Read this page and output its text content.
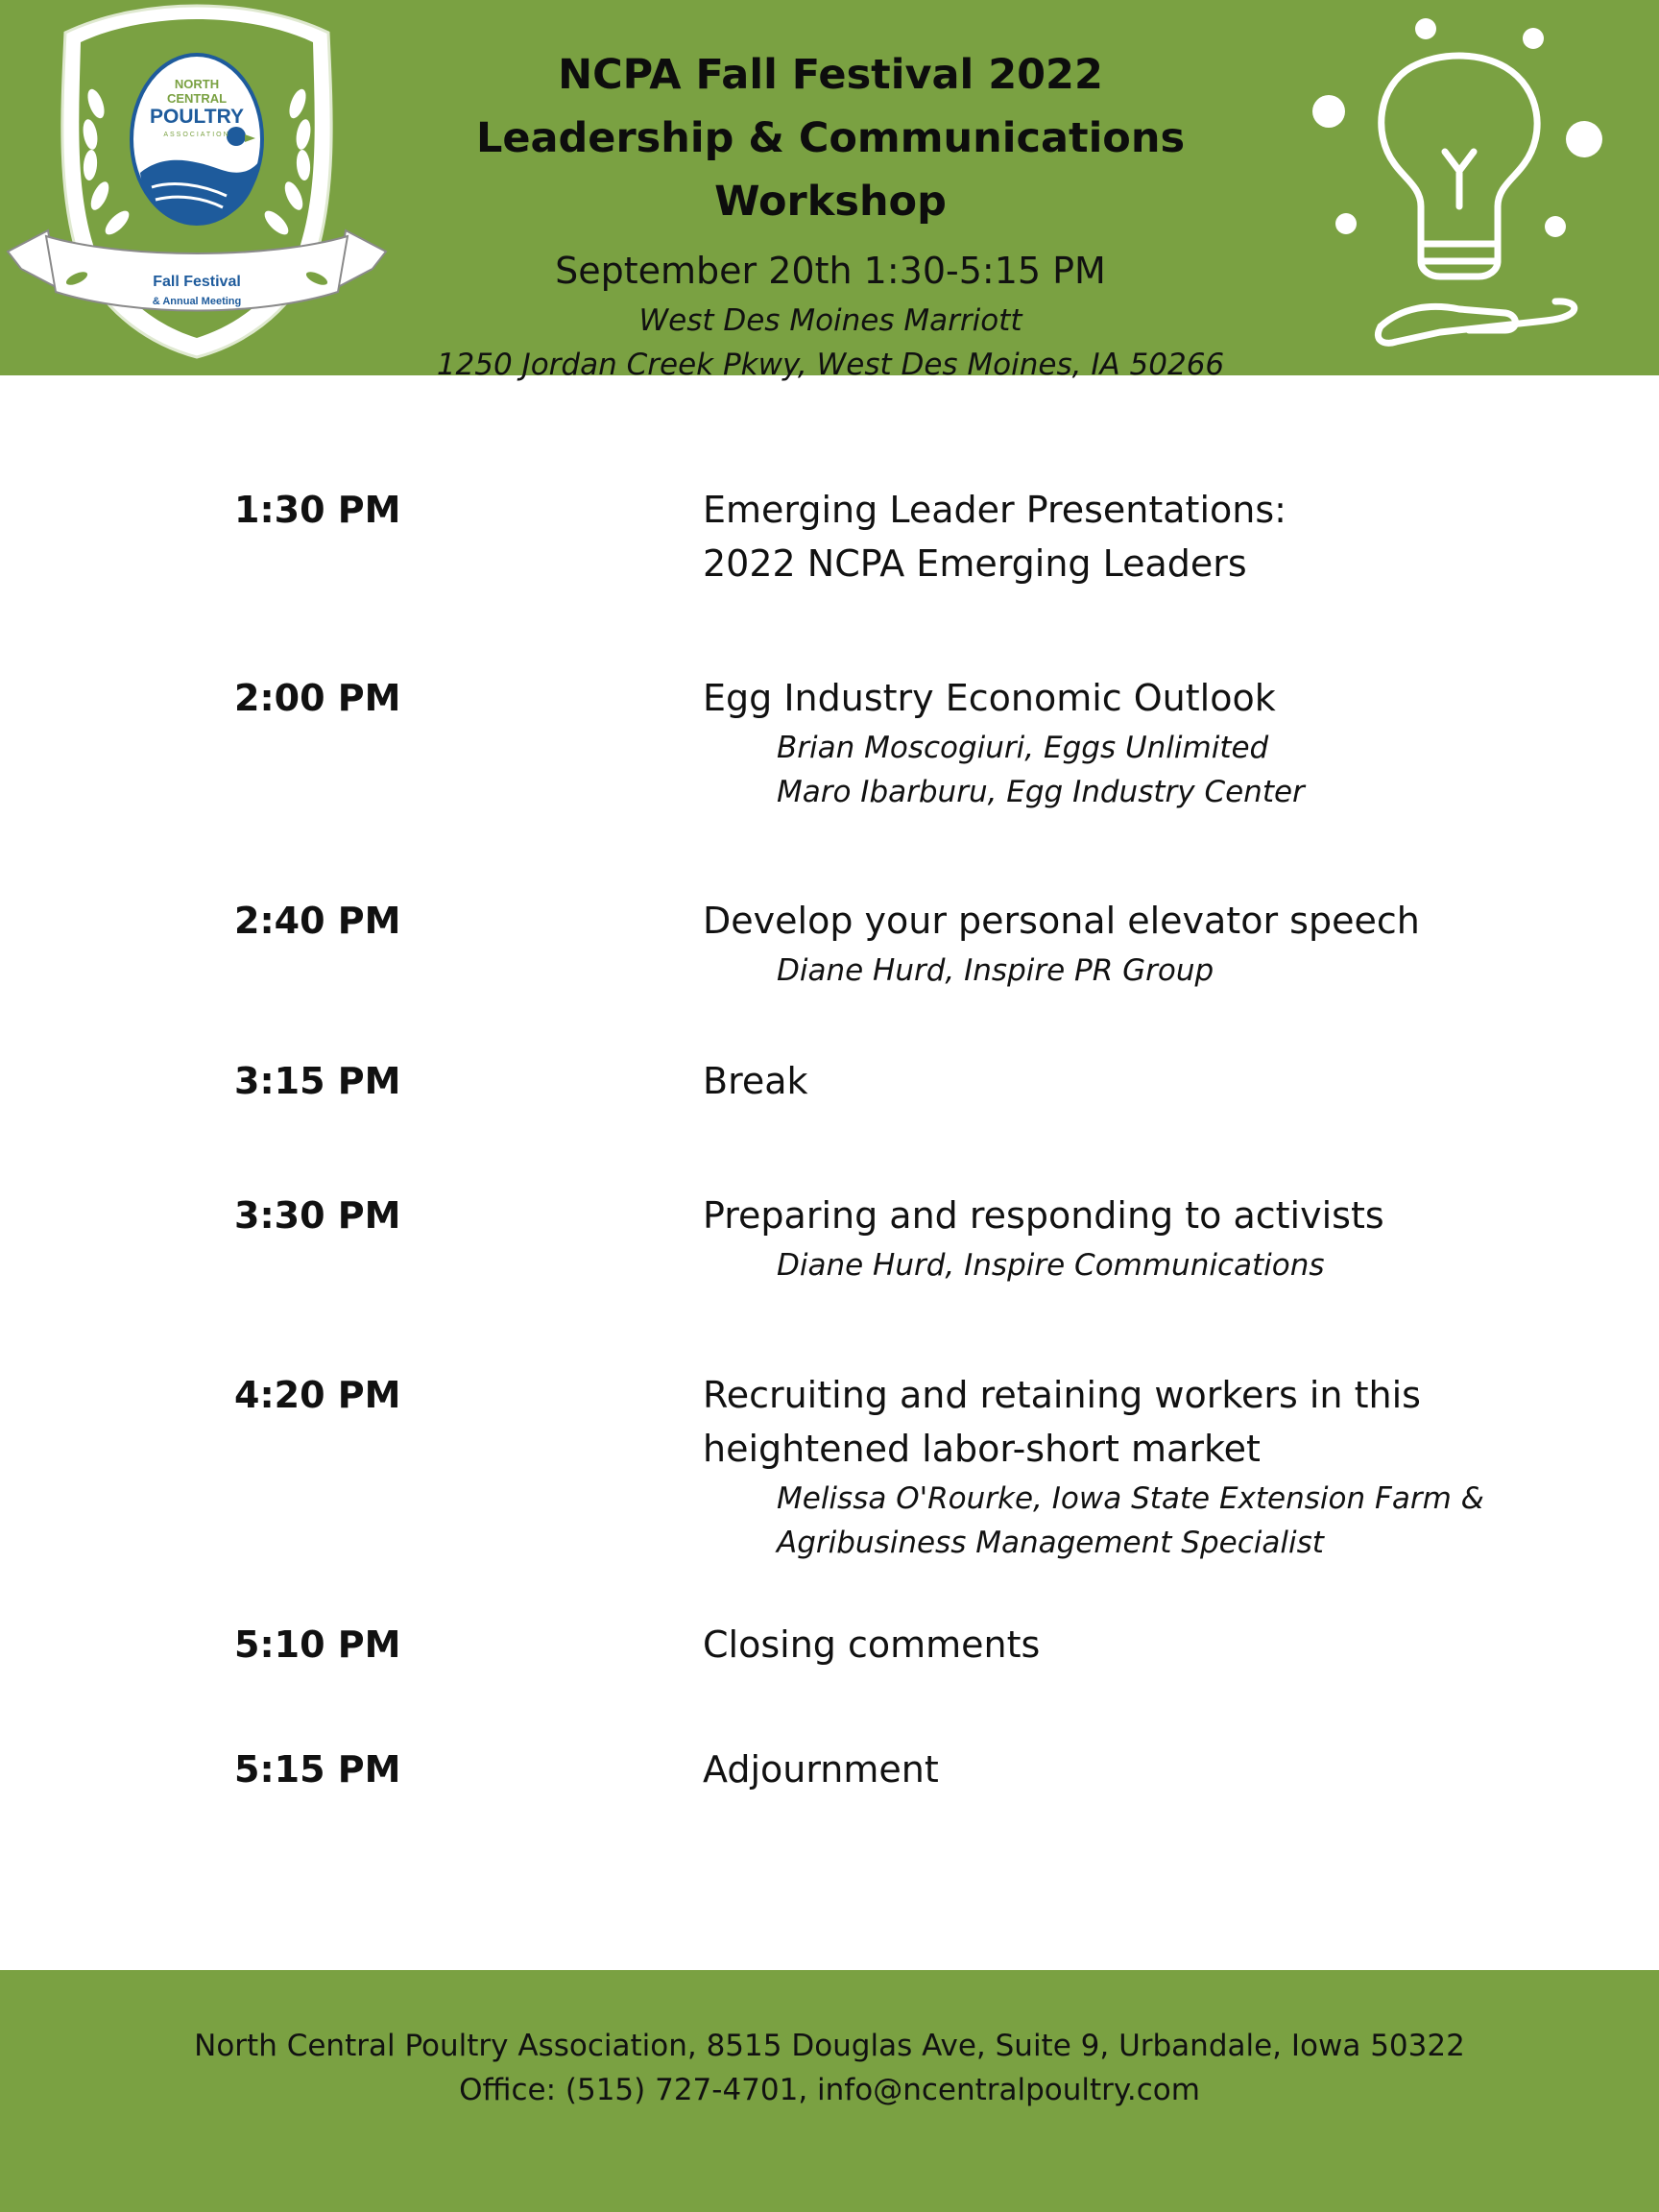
NORTH
CENTRAL
POULTRY
ASSOCIATION
Fall Festival
& Annual Meeting
NCPA Fall Festival 2022
Leadership & Communications Workshop
September 20th 1:30-5:15 PM
West Des Moines Marriott
1250 Jordan Creek Pkwy, West Des Moines, IA 50266
1:30 PM	Emerging Leader Presentations:
2022 NCPA Emerging Leaders
2:00 PM	Egg Industry Economic Outlook
Brian Moscogiuri, Eggs Unlimited
Maro Ibarburu, Egg Industry Center
2:40 PM	Develop your personal elevator speech
Diane Hurd, Inspire PR Group
3:15 PM	Break
3:30 PM	Preparing and responding to activists
Diane Hurd, Inspire Communications
4:20 PM	Recruiting and retaining workers in this
heightened labor-short market
Melissa O'Rourke, Iowa State Extension Farm &
Agribusiness Management Specialist
5:10 PM	Closing comments
5:15 PM	Adjournment
North Central Poultry Association, 8515 Douglas Ave, Suite 9, Urbandale, Iowa 50322
Office: (515) 727-4701, info@ncentralpoultry.com
